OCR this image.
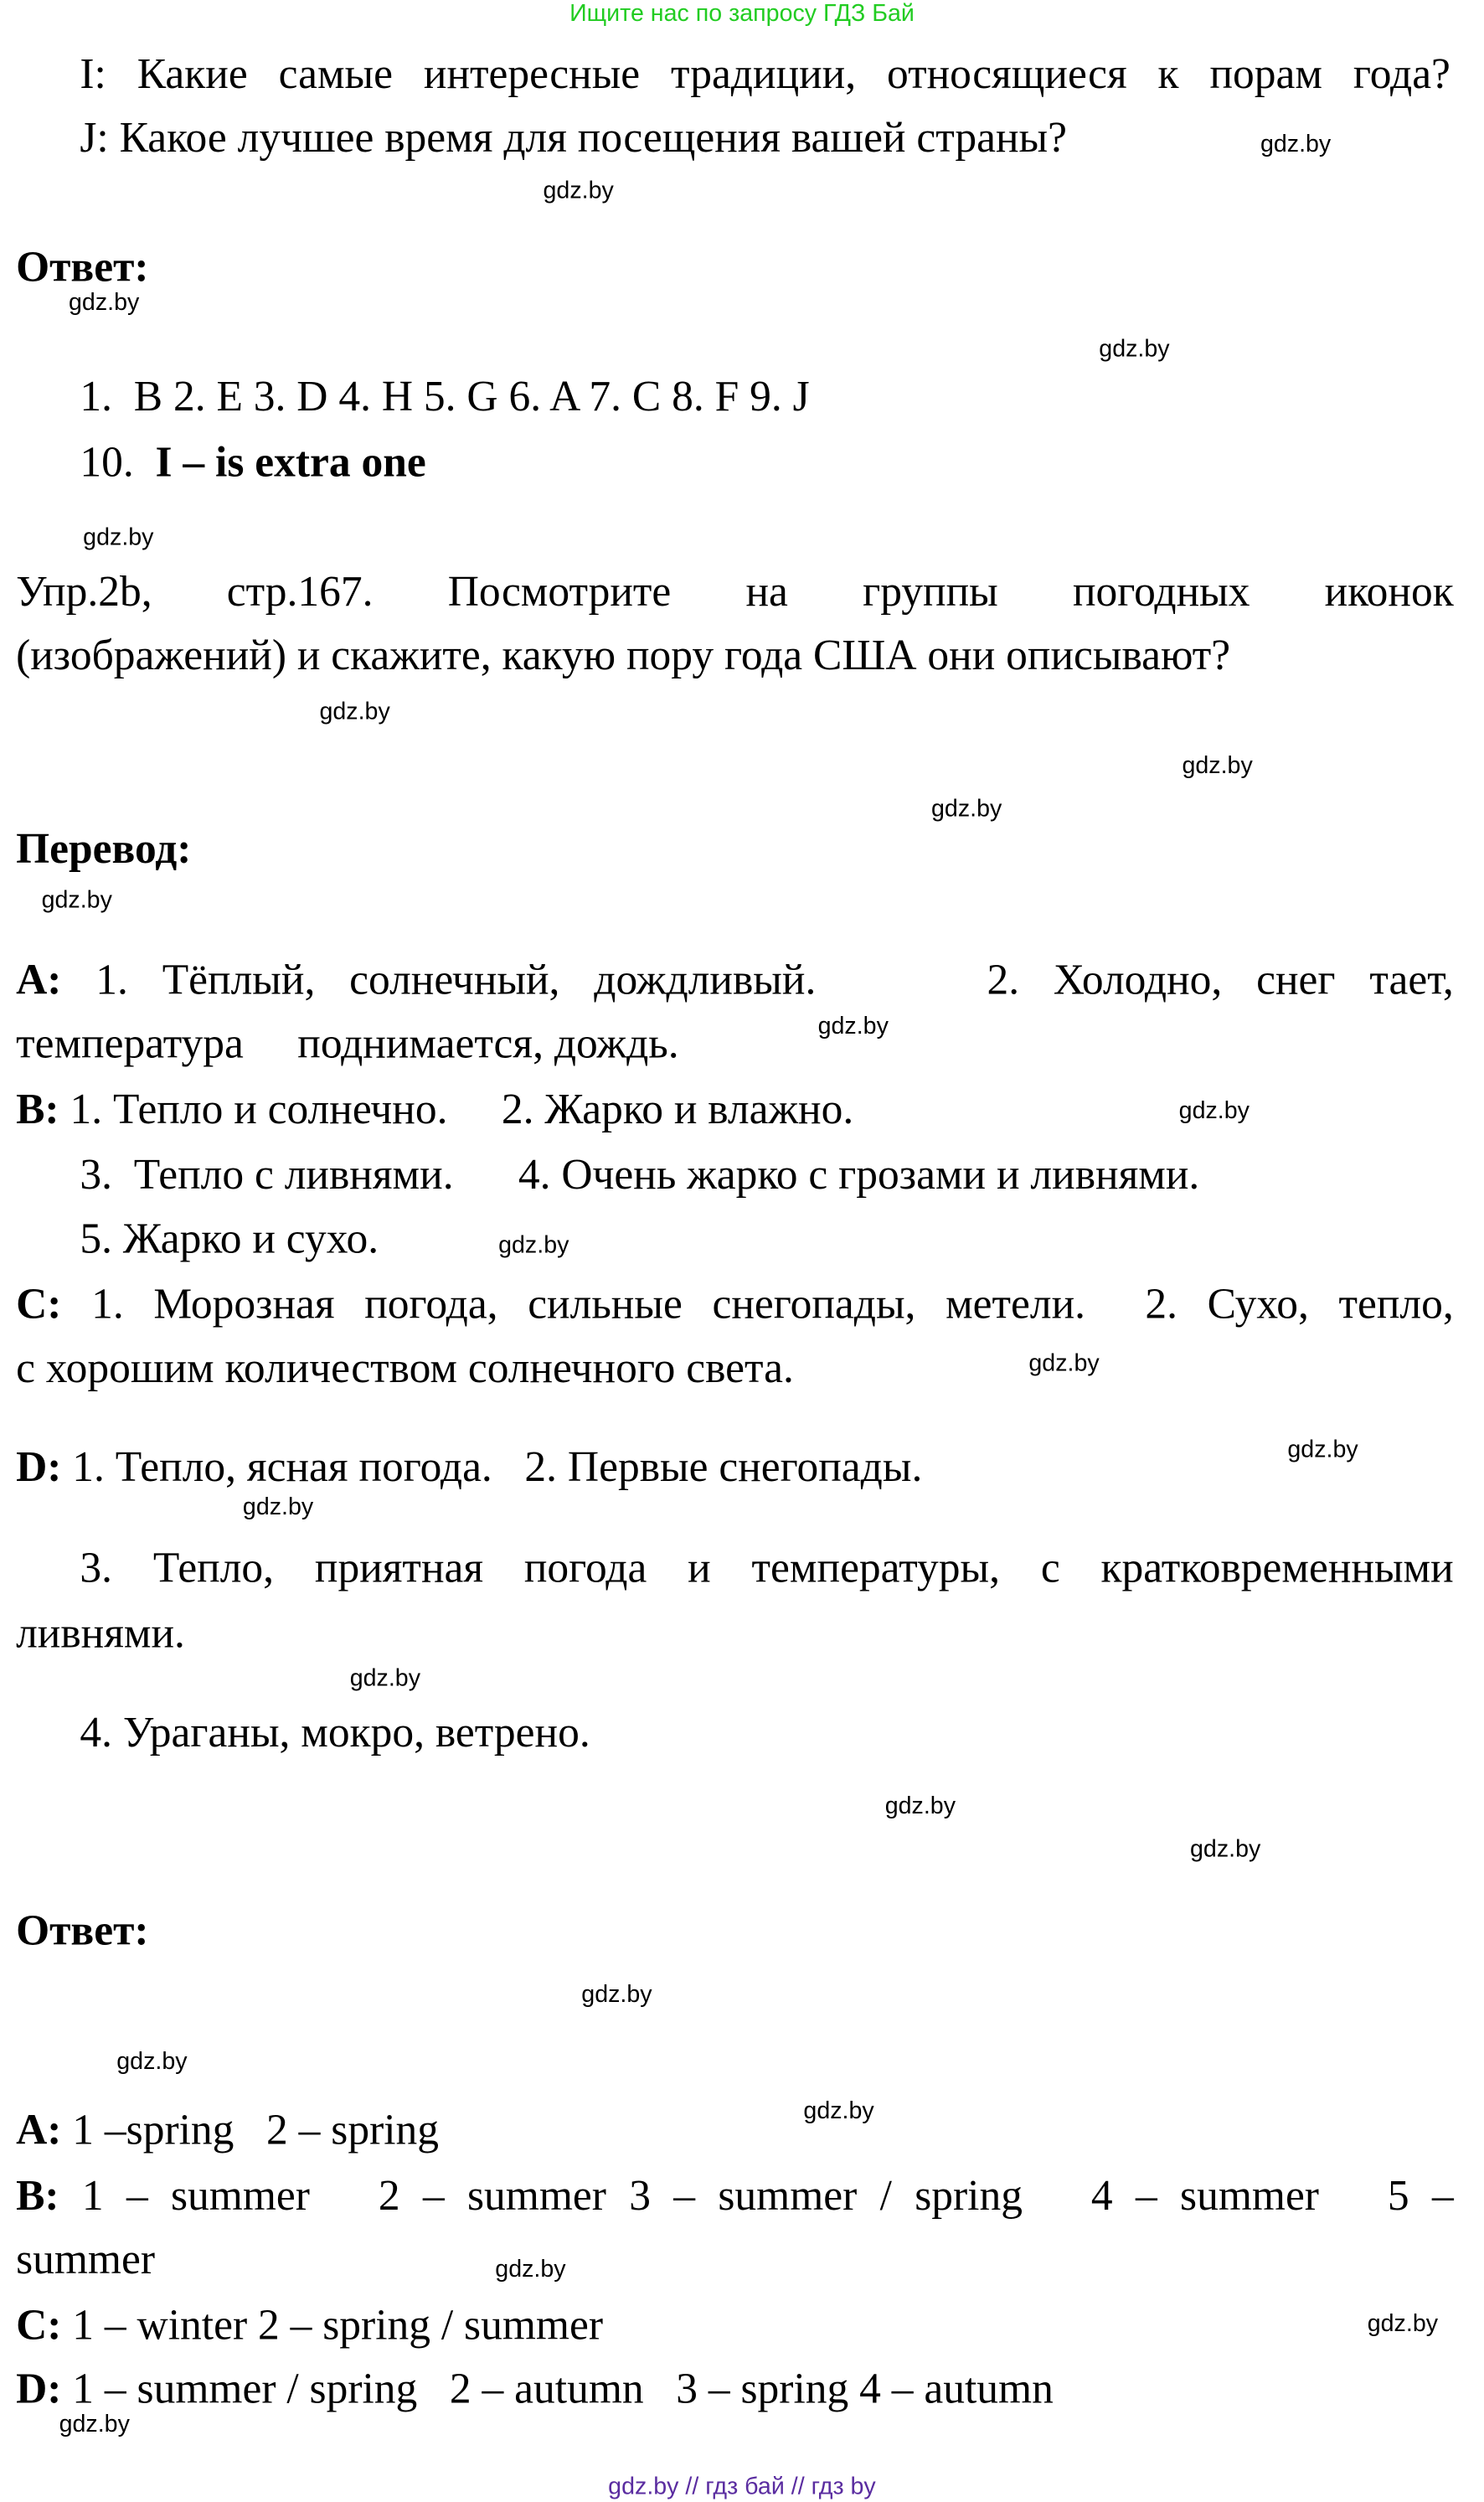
Ищите нас по запросу ГДЗ Бай
I: Какие самые интересные традиции, относящиеся к порам года?
J: Какое лучшее время для посещения вашей страны?
Ответ:
1.  B 2. E 3. D 4. H 5. G 6. A 7. C 8. F 9. J
10.  I – is extra one
Упр.2b, стр.167. Посмотрите на группы погодных иконок
(изображений) и скажите, какую пору года США они описывают?
Перевод:
A: 1. Тёплый, солнечный, дождливый.     2. Холодно, снег тает,
температура     поднимается, дождь.
B: 1. Тепло и солнечно.     2. Жарко и влажно.
3.  Тепло с ливнями.      4. Очень жарко с грозами и ливнями.
5. Жарко и сухо.
C: 1. Морозная погода, сильные снегопады, метели.  2. Сухо, тепло,
с хорошим количеством солнечного света.
D: 1. Тепло, ясная погода.   2. Первые снегопады.
3. Тепло, приятная погода и температуры, с кратковременными
ливнями.
4. Ураганы, мокро, ветрено.
Ответ:
A: 1 –spring   2 – spring
B: 1 – summer   2 – summer 3 – summer / spring   4 – summer   5 –
summer
C: 1 – winter 2 – spring / summer
D: 1 – summer / spring   2 – autumn   3 – spring 4 – autumn
gdz.by
gdz.by
gdz.by
gdz.by
gdz.by
gdz.by
gdz.by
gdz.by
gdz.by
gdz.by
gdz.by
gdz.by
gdz.by
gdz.by
gdz.by
gdz.by
gdz.by
gdz.by
gdz.by
gdz.by
gdz.by
gdz.by
gdz.by
gdz.by
gdz.by // гдз бай // гдз by
